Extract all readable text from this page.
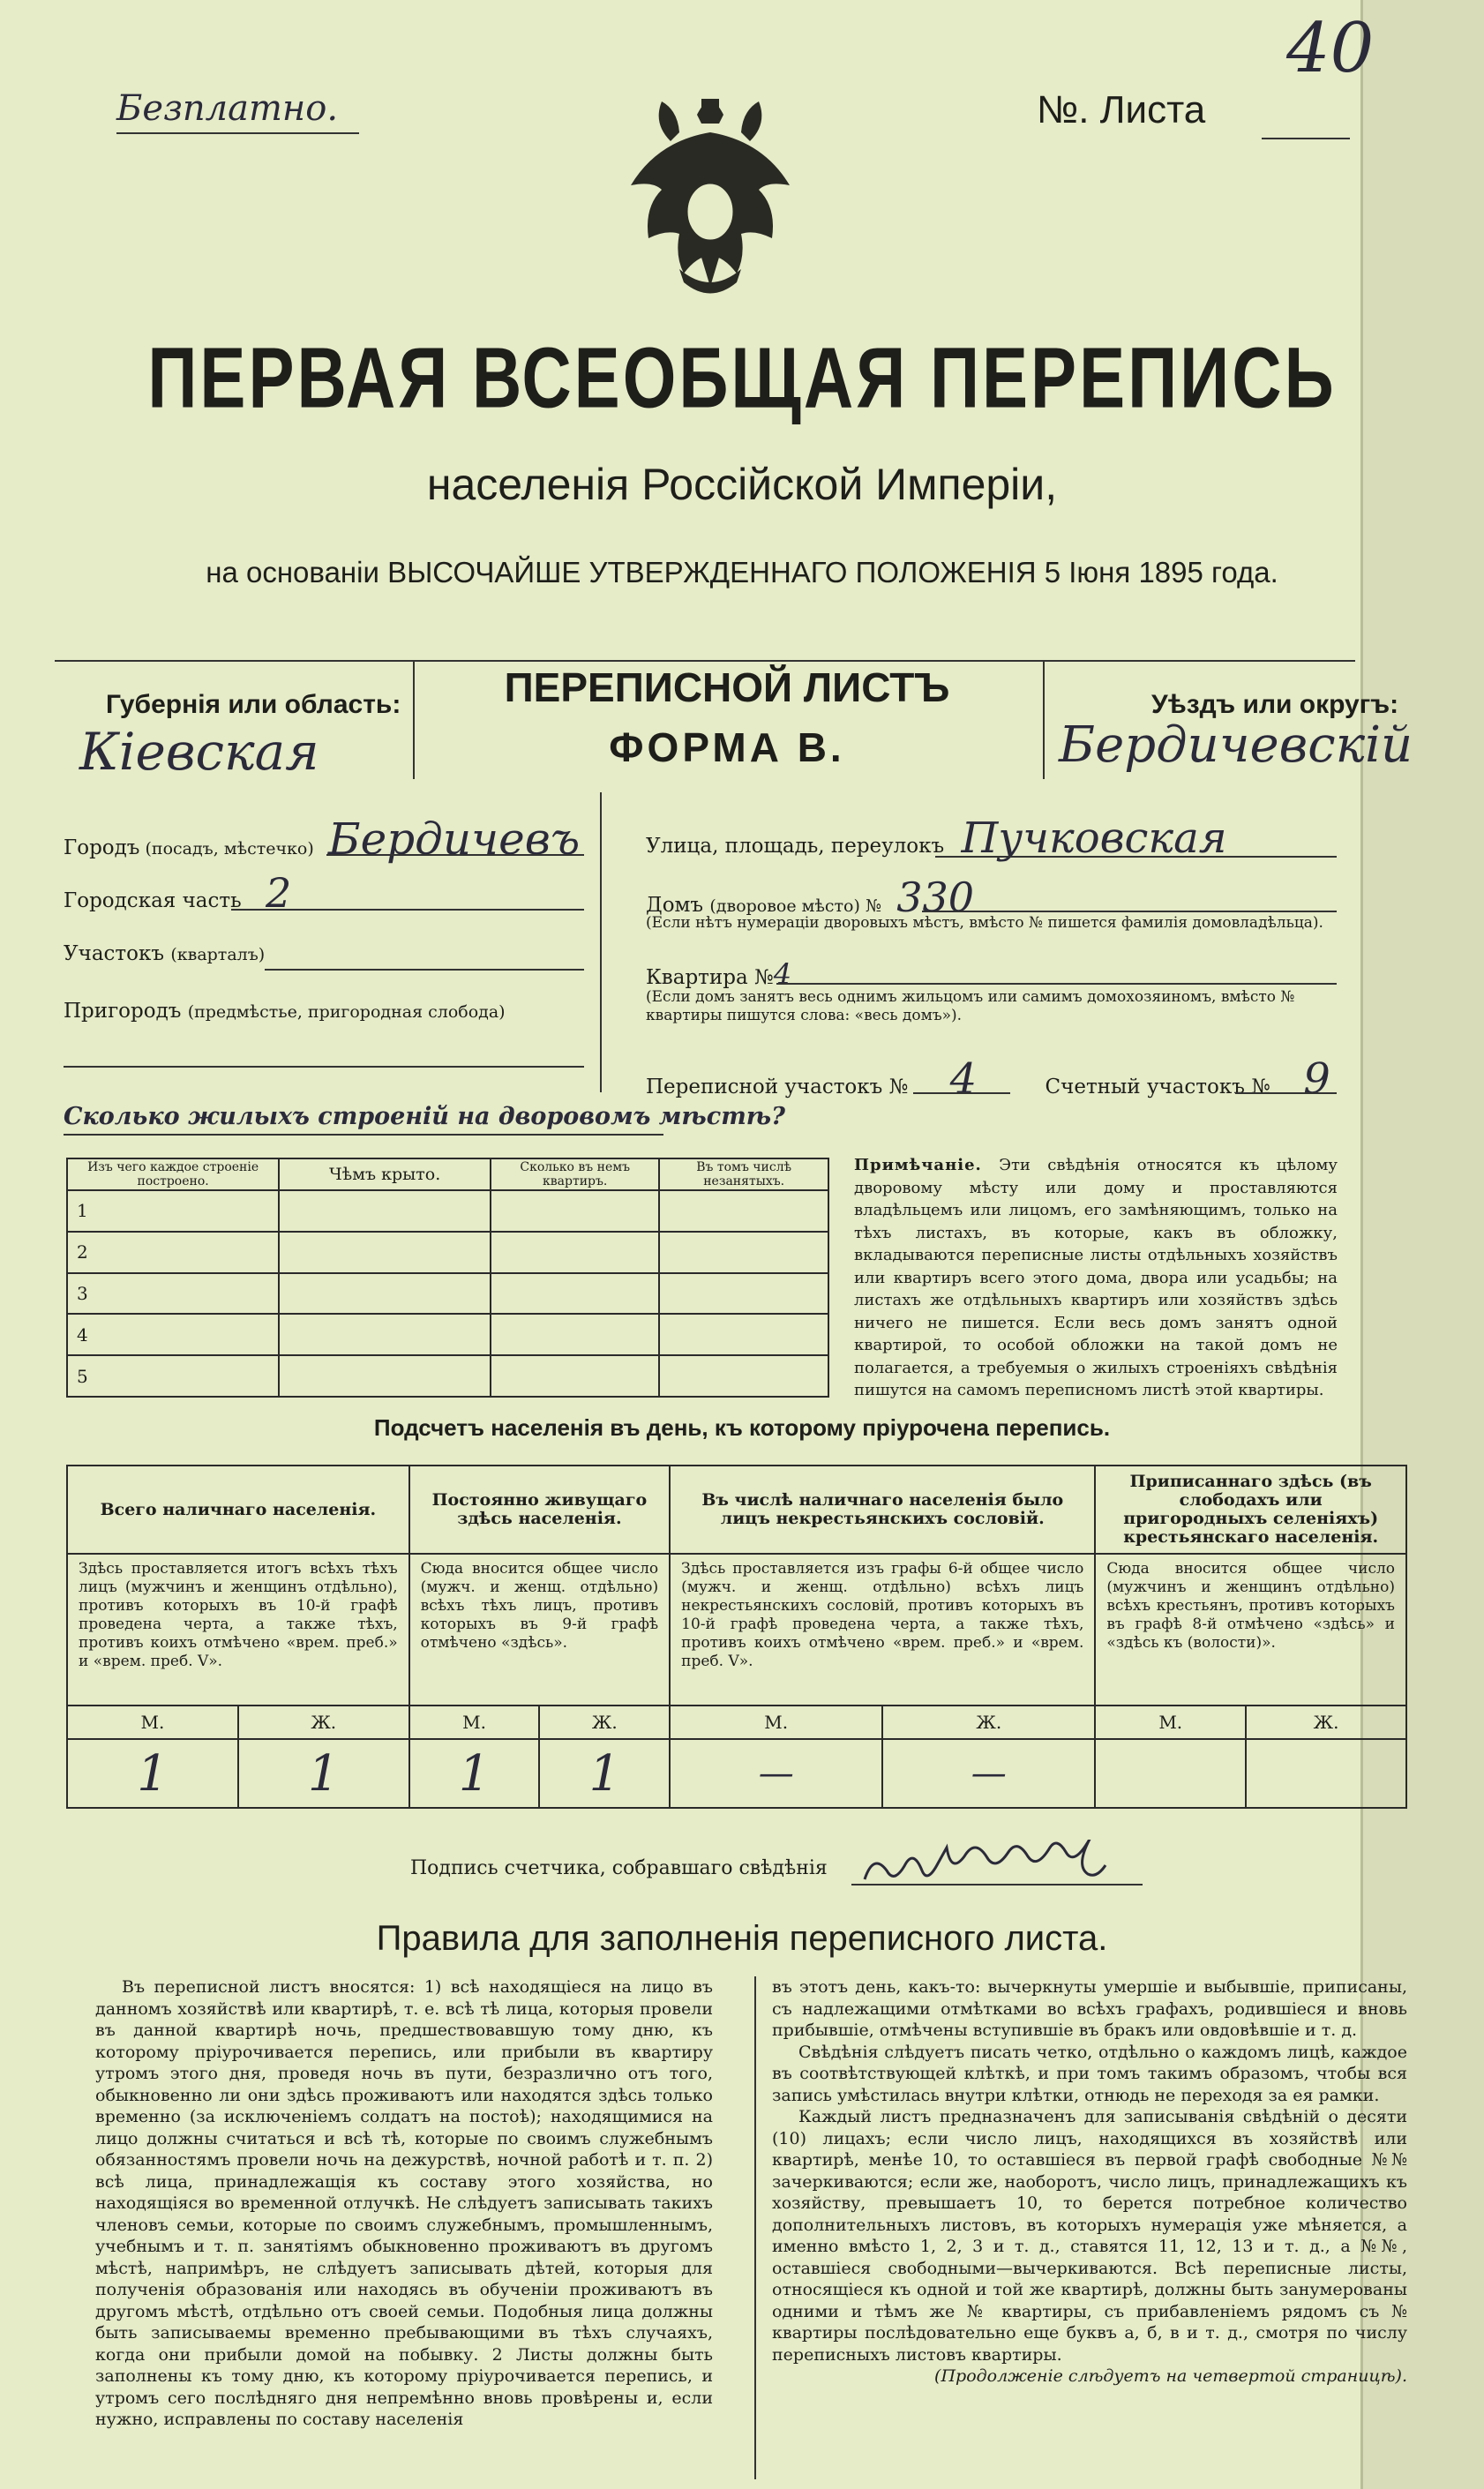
Безплатно.	№. Листа
40
ПЕРВАЯ ВСЕОБЩАЯ ПЕРЕПИСЬ
населенія Россійской Имперіи,
на основаніи ВЫСОЧАЙШЕ УТВЕРЖДЕННАГО ПОЛОЖЕНІЯ 5 Іюня 1895 года.
Губернія или область:
Кіевская
ПЕРЕПИСНОЙ ЛИСТЪ
ФОРМА В.
Уѣздъ или округъ:
Бердичевскій
Городъ (посадъ, мѣстечко) Бердичевъ
Городская часть 2
Участокъ (кварталъ)
Пригородъ (предмѣстье, пригородная слобода)
Улица, площадь, переулокъ Пучковская
Домъ (дворовое мѣсто) № 330
(Если нѣтъ нумераціи дворовыхъ мѣстъ, вмѣсто № пишется фамилія домовладѣльца).
Квартира №4
(Если домъ занятъ весь однимъ жильцомъ или самимъ домохозяиномъ, вмѣсто № квартиры пишутся слова: «весь домъ»).
Переписной участокъ № 4	Счетный участокъ № 9
Сколько жилыхъ строеній на дворовомъ мѣстѣ?
Изъ чего каждое строеніе построено.	Чѣмъ крыто.	Сколько въ немъ квартиръ.	Въ томъ числѣ незанятыхъ.
1			
2			
3			
4			
5			
Примѣчаніе. Эти свѣдѣнія относятся къ цѣлому дворовому мѣсту или дому и проставляются владѣльцемъ или лицомъ, его замѣняющимъ, только на тѣхъ листахъ, въ которые, какъ въ обложку, вкладываются переписные листы отдѣльныхъ хозяйствъ или квартиръ всего этого дома, двора или усадьбы; на листахъ же отдѣльныхъ квартиръ или хозяйствъ здѣсь ничего не пишется. Если весь домъ занятъ одной квартирой, то особой обложки на такой домъ не полагается, а требуемыя о жилыхъ строеніяхъ свѣдѣнія пишутся на самомъ переписномъ листѣ этой квартиры.
Подсчетъ населенія въ день, къ которому пріурочена перепись.
Всего наличнаго населенія.		Постоянно живущаго здѣсь населенія.		Въ числѣ наличнаго населенія было лицъ некрестьянскихъ сословій.		Приписаннаго здѣсь (въ слободахъ или пригородныхъ селеніяхъ) крестьянскаго населенія.	
Здѣсь проставляется итогъ всѣхъ тѣхъ лицъ (мужчинъ и женщинъ отдѣльно), противъ которыхъ въ 10-й графѣ проведена черта, а также тѣхъ, противъ коихъ отмѣчено «врем. преб.» и «врем. преб. V».		Сюда вносится общее число (мужч. и женщ. отдѣльно) всѣхъ тѣхъ лицъ, противъ которыхъ въ 9-й графѣ отмѣчено «здѣсь».		Здѣсь проставляется изъ графы 6-й общее число (мужч. и женщ. отдѣльно) всѣхъ лицъ некрестьянскихъ сословій, противъ которыхъ въ 10-й графѣ проведена черта, а также тѣхъ, противъ коихъ отмѣчено «врем. преб.» и «врем. преб. V».		Сюда вносится общее число (мужчинъ и женщинъ отдѣльно) всѣхъ крестьянъ, противъ которыхъ въ графѣ 8-й отмѣчено «здѣсь» и «здѣсь къ (волости)».	
М.	Ж.	М.	Ж.	М.	Ж.	М.	Ж.
1	1	1	1	—	—		
Подпись счетчика, собравшаго свѣдѣнія
Правила для заполненія переписного листа.
Въ переписной листъ вносятся: 1) всѣ находящіеся на лицо въ данномъ хозяйствѣ или квартирѣ, т. е. всѣ тѣ лица, которыя провели въ данной квартирѣ ночь, предшествовавшую тому дню, къ которому пріурочивается перепись, или прибыли въ квартиру утромъ этого дня, проведя ночь въ пути, безразлично отъ того, обыкновенно ли они здѣсь проживаютъ или находятся здѣсь только временно (за исключеніемъ солдатъ на постоѣ); находящимися на лицо должны считаться и всѣ тѣ, которые по своимъ служебнымъ обязанностямъ провели ночь на дежурствѣ, ночной работѣ и т. п. 2) всѣ лица, принадлежащія къ составу этого хозяйства, но находящіяся во временной отлучкѣ. Не слѣдуетъ записывать такихъ членовъ семьи, которые по своимъ служебнымъ, промышленнымъ, учебнымъ и т. п. занятіямъ обыкновенно проживаютъ въ другомъ мѣстѣ, напримѣръ, не слѣдуетъ записывать дѣтей, которыя для полученія образованія или находясь въ обученіи проживаютъ въ другомъ мѣстѣ, отдѣльно отъ своей семьи. Подобныя лица должны быть записываемы временно пребывающими въ тѣхъ случаяхъ, когда они прибыли домой на побывку. 2 Листы должны быть заполнены къ тому дню, къ которому пріурочивается перепись, и утромъ сего послѣдняго дня непремѣнно вновь провѣрены и, если нужно, исправлены по составу населенія
въ этотъ день, какъ-то: вычеркнуты умершіе и выбывшіе, приписаны, съ надлежащими отмѣтками во всѣхъ графахъ, родившіеся и вновь прибывшіе, отмѣчены вступившіе въ бракъ или овдовѣвшіе и т. д.
Свѣдѣнія слѣдуетъ писать четко, отдѣльно о каждомъ лицѣ, каждое въ соотвѣтствующей клѣткѣ, и при томъ такимъ образомъ, чтобы вся запись умѣстилась внутри клѣтки, отнюдь не переходя за ея рамки.
Каждый листъ предназначенъ для записыванія свѣдѣній о десяти (10) лицахъ; если число лицъ, находящихся въ хозяйствѣ или квартирѣ, менѣе 10, то оставшіеся въ первой графѣ свободные №№ зачеркиваются; если же, наоборотъ, число лицъ, принадлежащихъ къ хозяйству, превышаетъ 10, то берется потребное количество дополнительныхъ листовъ, въ которыхъ нумерація уже мѣняется, а именно вмѣсто 1, 2, 3 и т. д., ставятся 11, 12, 13 и т. д., а №№, оставшіеся свободными—вычеркиваются. Всѣ переписные листы, относящіеся къ одной и той же квартирѣ, должны быть занумерованы одними и тѣмъ же № квартиры, съ прибавленіемъ рядомъ съ № квартиры послѣдовательно еще буквъ а, б, в и т. д., смотря по числу переписныхъ листовъ квартиры.
(Продолженіе слѣдуетъ на четвертой страницѣ).
